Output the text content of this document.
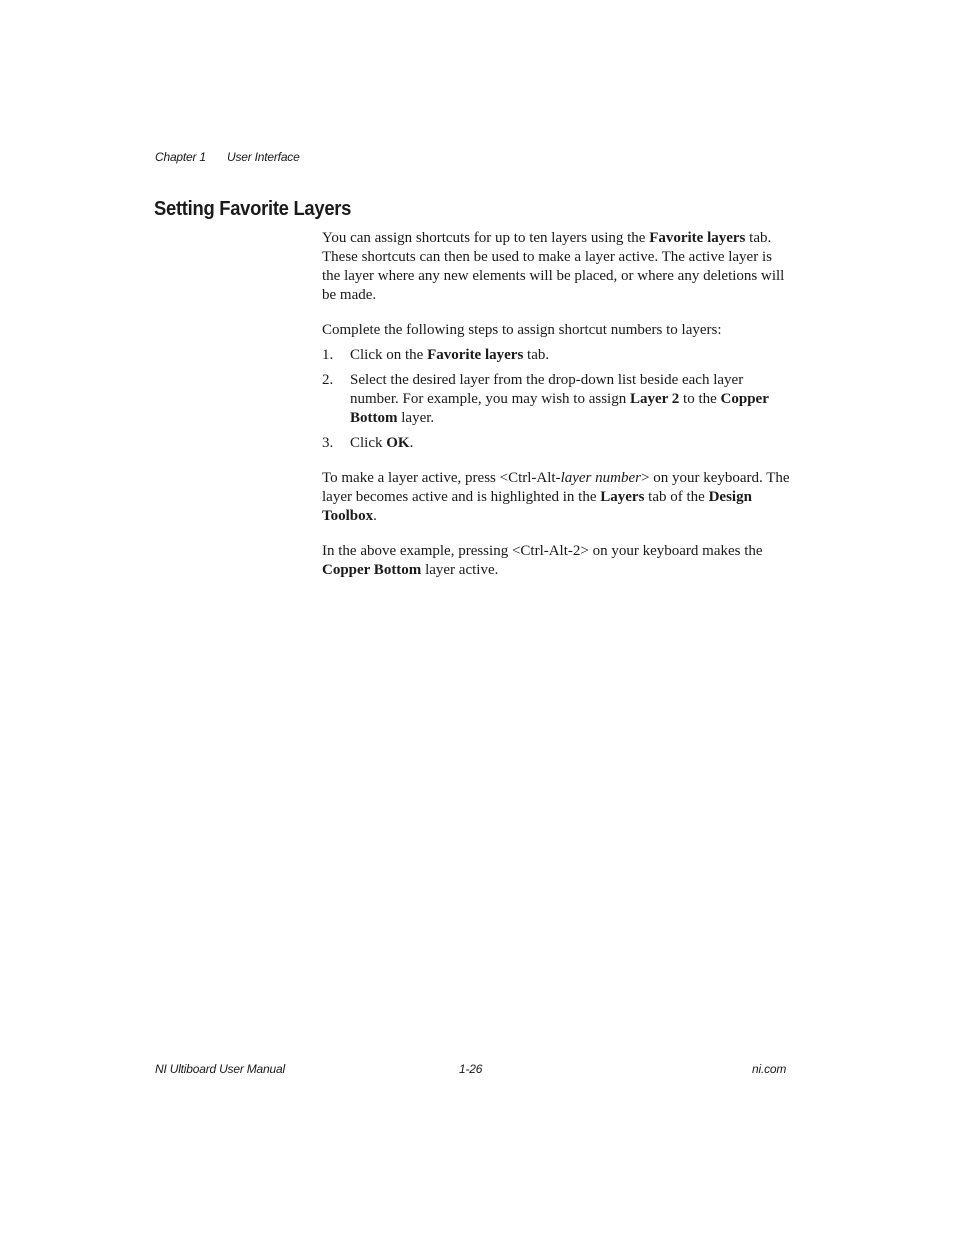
Chapter 1 User Interface
Setting Favorite Layers

You can assign shortcuts for up to ten layers using the Favorite layers tab. These shortcuts can then be used to make a layer active. The active layer is the layer where any new elements will be placed, or where any deletions will be made.

Complete the following steps to assign shortcut numbers to layers:

1. Click on the Favorite layers tab.
2. Select the desired layer from the drop-down list beside each layer number. For example, you may wish to assign Layer 2 to the Copper Bottom layer.
3. Click OK.

To make a layer active, press <Ctrl-Alt-layer number> on your keyboard. The layer becomes active and is highlighted in the Layers tab of the Design Toolbox.

In the above example, pressing <Ctrl-Alt-2> on your keyboard makes the Copper Bottom layer active.

NI Ultiboard User Manual	1-26	ni.com
